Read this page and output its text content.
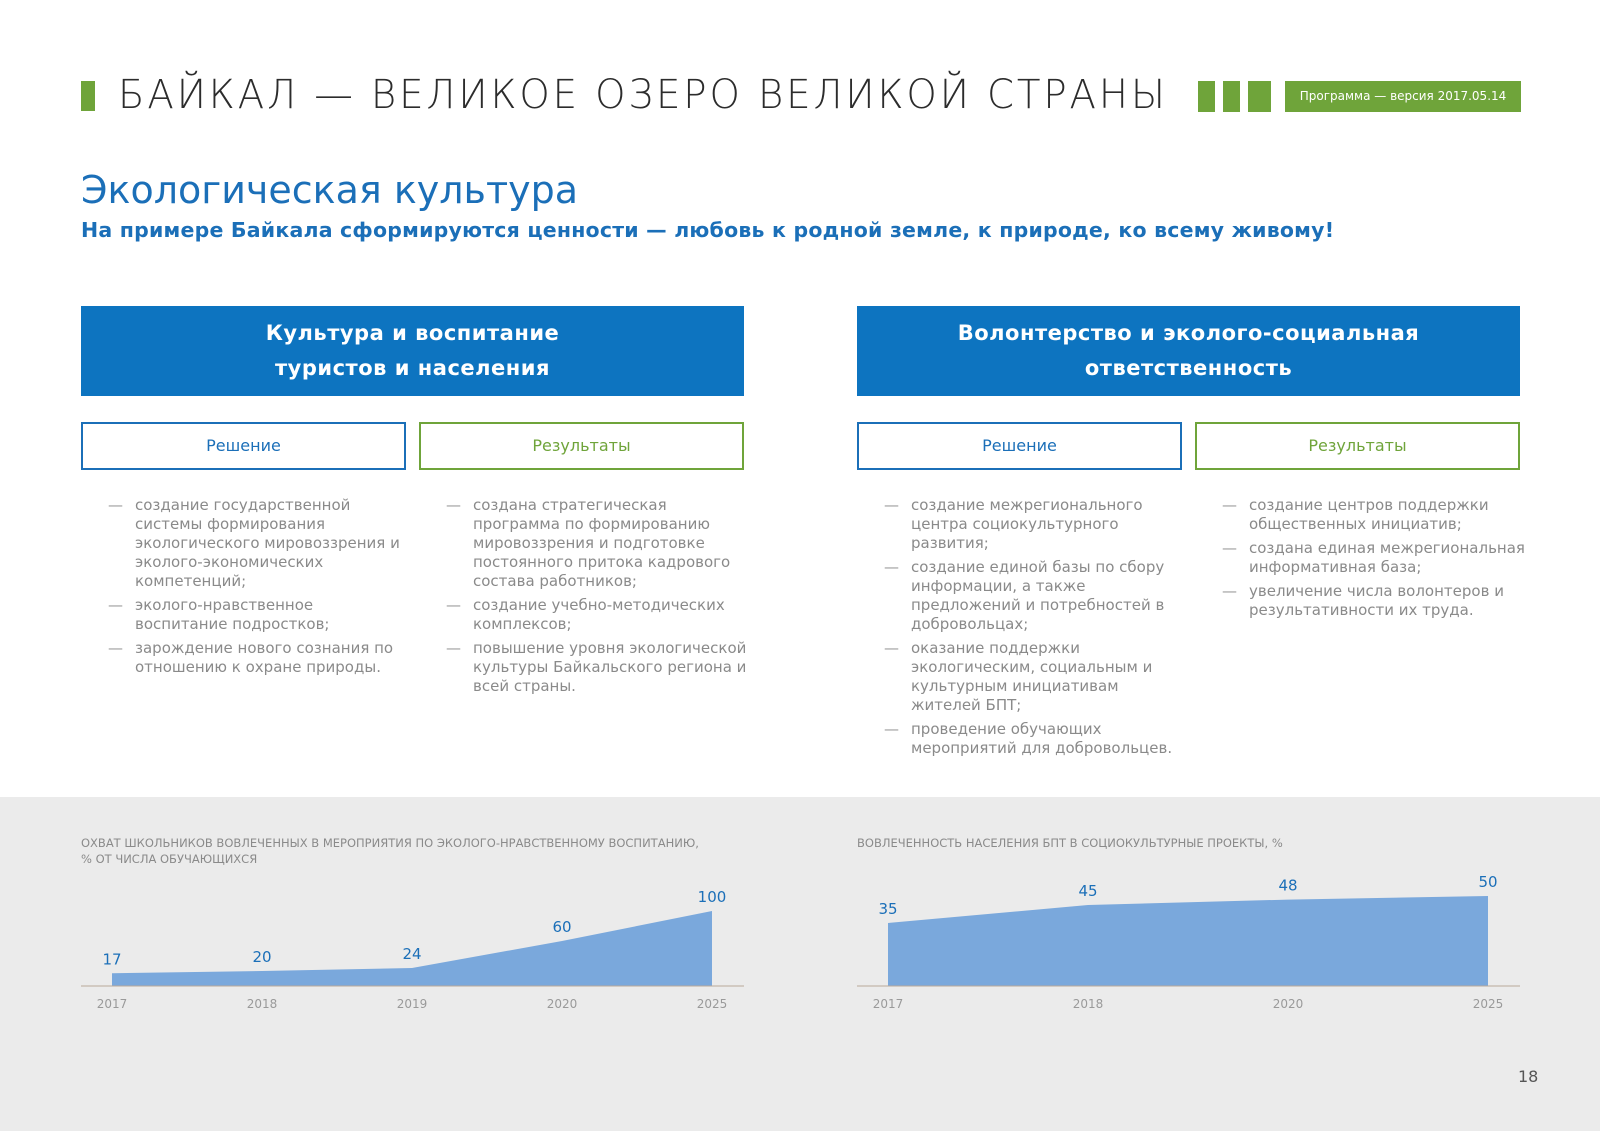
БАЙКАЛ — ВЕЛИКОЕ ОЗЕРО ВЕЛИКОЙ СТРАНЫ	Программа — версия 2017.05.14
Экологическая культура
На примере Байкала сформируются ценности — любовь к родной земле, к природе, ко всему живому!
Культура и воспитание
туристов и населения
Решение	Результаты
— создание государственной системы формирования экологического мировоззрения и эколого-экономических компетенций;
— эколого-нравственное воспитание подростков;
— зарождение нового сознания по отношению к охране природы.
— создана стратегическая программа по формированию мировоззрения и подготовке постоянного притока кадрового состава работников;
— создание учебно-методических комплексов;
— повышение уровня экологической культуры Байкальского региона и всей страны.
Волонтерство и эколого-социальная
ответственность
Решение	Результаты
— создание межрегионального центра социокультурного развития;
— создание единой базы по сбору информации, а также предложений и потребностей в добровольцах;
— оказание поддержки экологическим, социальным и культурным инициативам жителей БПТ;
— проведение обучающих мероприятий для добровольцев.
— создание центров поддержки общественных инициатив;
— создана единая межрегиональная информативная база;
— увеличение числа волонтеров и результативности их труда.
ОХВАТ ШКОЛЬНИКОВ ВОВЛЕЧЕННЫХ В МЕРОПРИЯТИЯ ПО ЭКОЛОГО-НРАВСТВЕННОМУ ВОСПИТАНИЮ, % ОТ ЧИСЛА ОБУЧАЮЩИХСЯ
17
2017
20
2018
24
2019
60
2020
100
2025
ВОВЛЕЧЕННОСТЬ НАСЕЛЕНИЯ БПТ В СОЦИОКУЛЬТУРНЫЕ ПРОЕКТЫ, %
35
2017
45
2018
48
2020
50
2025
18
